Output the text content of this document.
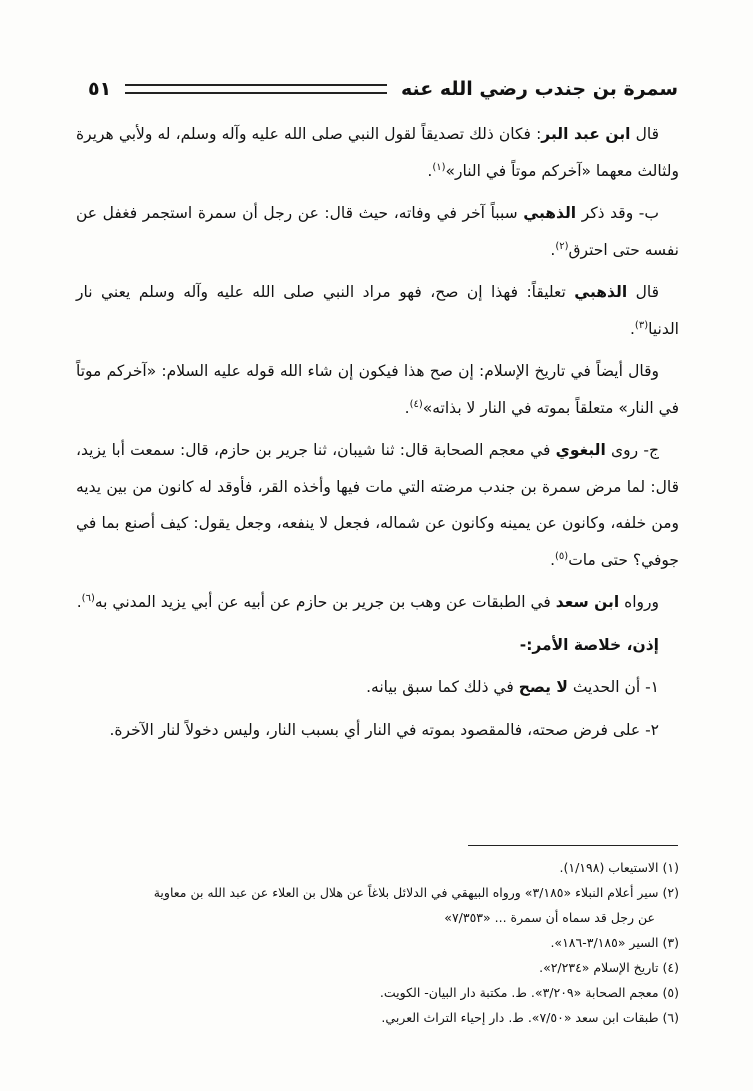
سمرة بن جندب رضي الله عنه
٥١

قال ابن عبد البر: فكان ذلك تصديقاً لقول النبي صلى الله عليه وآله وسلم، له ولأبي هريرة ولثالث معهما «آخركم موتاً في النار»$^{(١)}$.

ب- وقد ذكر الذهبي سبباً آخر في وفاته، حيث قال: عن رجل أن سمرة استجمر فغفل عن نفسه حتى احترق$^{(٢)}$.

قال الذهبي تعليقاً: فهذا إن صح، فهو مراد النبي صلى الله عليه وآله وسلم يعني نار الدنيا$^{(٣)}$.

وقال أيضاً في تاريخ الإسلام: إن صح هذا فيكون إن شاء الله قوله عليه السلام: «آخركم موتاً في النار» متعلقاً بموته في النار لا بذاته»$^{(٤)}$.

ج- روى البغوي في معجم الصحابة قال: ثنا شيبان، ثنا جرير بن حازم، قال: سمعت أبا يزيد، قال: لما مرض سمرة بن جندب مرضته التي مات فيها وأخذه القر، فأوقد له كانون من بين يديه ومن خلفه، وكانون عن يمينه وكانون عن شماله، فجعل لا ينفعه، وجعل يقول: كيف أصنع بما في جوفي؟ حتى مات$^{(٥)}$.

ورواه ابن سعد في الطبقات عن وهب بن جرير بن حازم عن أبيه عن أبي يزيد المدني به$^{(٦)}$.

إذن، خلاصة الأمر:-

١- أن الحديث لا يصح في ذلك كما سبق بيانه.

٢- على فرض صحته، فالمقصود بموته في النار أي بسبب النار، وليس دخولاً لنار الآخرة.

(١) الاستيعاب (١/١٩٨).
(٢) سير أعلام النبلاء «٣/١٨٥» ورواه البيهقي في الدلائل بلاغاً عن هلال بن العلاء عن عبد الله بن معاوية
عن رجل قد سماه أن سمرة ... «٧/٣٥٣»
(٣) السير «٣/١٨٥-١٨٦».
(٤) تاريخ الإسلام «٢/٢٣٤».
(٥) معجم الصحابة «٣/٢٠٩». ط. مكتبة دار البيان- الكويت.
(٦) طبقات ابن سعد «٧/٥٠». ط. دار إحياء التراث العربي.
